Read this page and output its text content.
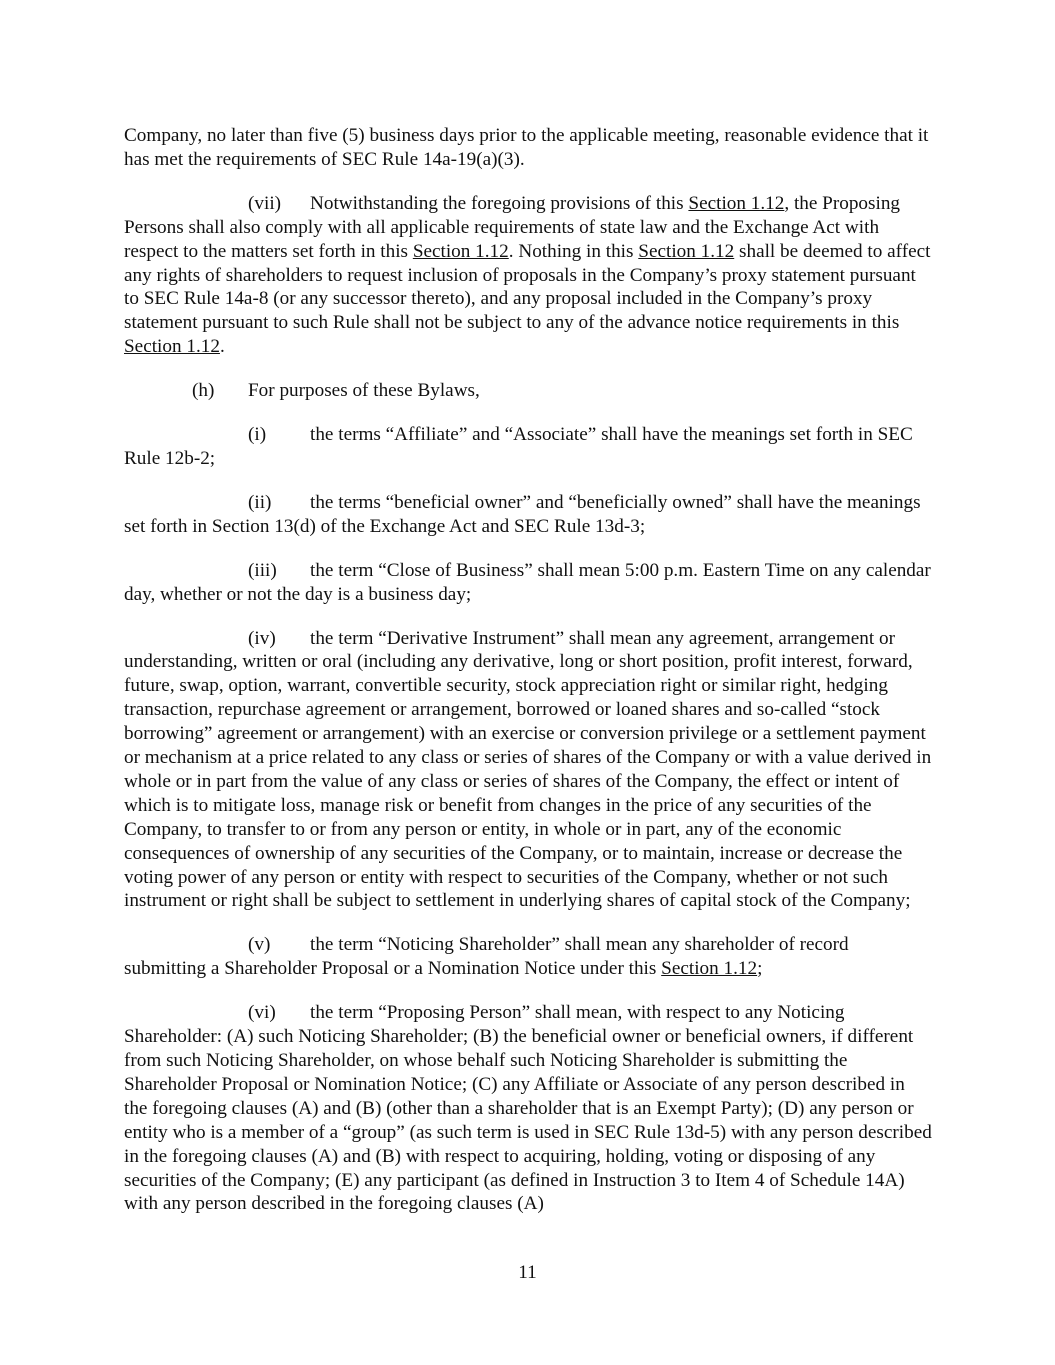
Company, no later than five (5) business days prior to the applicable meeting, reasonable evidence that it has met the requirements of SEC Rule 14a-19(a)(3).

(vii) Notwithstanding the foregoing provisions of this Section 1.12, the Proposing Persons shall also comply with all applicable requirements of state law and the Exchange Act with respect to the matters set forth in this Section 1.12. Nothing in this Section 1.12 shall be deemed to affect any rights of shareholders to request inclusion of proposals in the Company’s proxy statement pursuant to SEC Rule 14a-8 (or any successor thereto), and any proposal included in the Company’s proxy statement pursuant to such Rule shall not be subject to any of the advance notice requirements in this Section 1.12.

(h) For purposes of these Bylaws,

(i) the terms “Affiliate” and “Associate” shall have the meanings set forth in SEC Rule 12b-2;

(ii) the terms “beneficial owner” and “beneficially owned” shall have the meanings set forth in Section 13(d) of the Exchange Act and SEC Rule 13d-3;

(iii) the term “Close of Business” shall mean 5:00 p.m. Eastern Time on any calendar day, whether or not the day is a business day;

(iv) the term “Derivative Instrument” shall mean any agreement, arrangement or understanding, written or oral (including any derivative, long or short position, profit interest, forward, future, swap, option, warrant, convertible security, stock appreciation right or similar right, hedging transaction, repurchase agreement or arrangement, borrowed or loaned shares and so-called “stock borrowing” agreement or arrangement) with an exercise or conversion privilege or a settlement payment or mechanism at a price related to any class or series of shares of the Company or with a value derived in whole or in part from the value of any class or series of shares of the Company, the effect or intent of which is to mitigate loss, manage risk or benefit from changes in the price of any securities of the Company, to transfer to or from any person or entity, in whole or in part, any of the economic consequences of ownership of any securities of the Company, or to maintain, increase or decrease the voting power of any person or entity with respect to securities of the Company, whether or not such instrument or right shall be subject to settlement in underlying shares of capital stock of the Company;

(v) the term “Noticing Shareholder” shall mean any shareholder of record submitting a Shareholder Proposal or a Nomination Notice under this Section 1.12;

(vi) the term “Proposing Person” shall mean, with respect to any Noticing Shareholder: (A) such Noticing Shareholder; (B) the beneficial owner or beneficial owners, if different from such Noticing Shareholder, on whose behalf such Noticing Shareholder is submitting the Shareholder Proposal or Nomination Notice; (C) any Affiliate or Associate of any person described in the foregoing clauses (A) and (B) (other than a shareholder that is an Exempt Party); (D) any person or entity who is a member of a “group” (as such term is used in SEC Rule 13d-5) with any person described in the foregoing clauses (A) and (B) with respect to acquiring, holding, voting or disposing of any securities of the Company; (E) any participant (as defined in Instruction 3 to Item 4 of Schedule 14A) with any person described in the foregoing clauses (A)

11
